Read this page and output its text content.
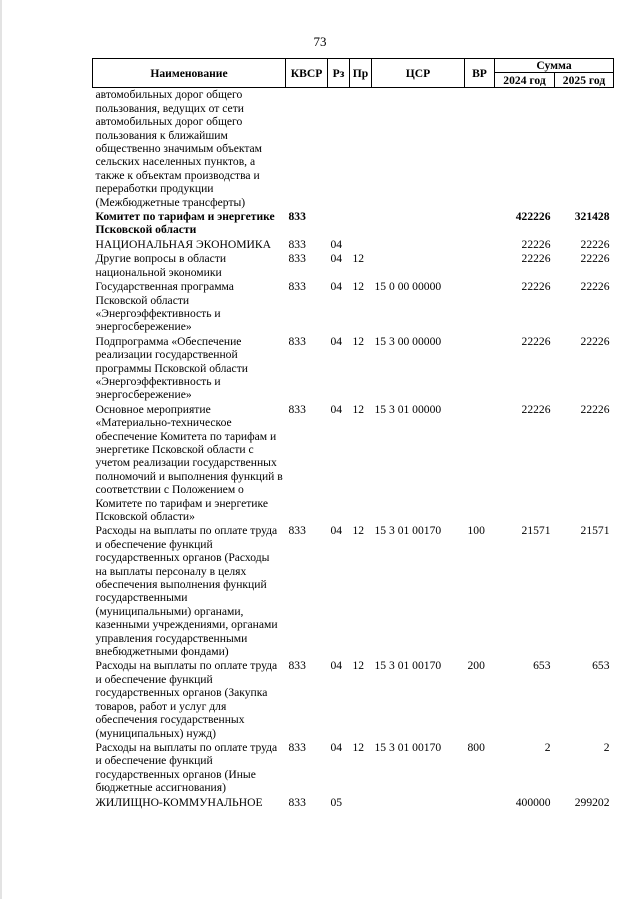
73
Наименование	КВСР	Рз	Пр	ЦСР	ВР	Сумма	
						2024 год	2025 год
автомобильных дорог общего пользования, ведущих от сети автомобильных дорог общего пользования к ближайшим общественно значимым объектам сельских населенных пунктов, а также к объектам производства и переработки продукции (Межбюджетные трансферты)							
Комитет по тарифам и энергетике Псковской области	833					422226	321428
НАЦИОНАЛЬНАЯ ЭКОНОМИКА	833	04				22226	22226
Другие вопросы в области национальной экономики	833	04	12			22226	22226
Государственная программа Псковской области «Энергоэффективность и энергосбережение»	833	04	12	15 0 00 00000		22226	22226
Подпрограмма «Обеспечение реализации государственной программы Псковской области «Энергоэффективность и энергосбережение»	833	04	12	15 3 00 00000		22226	22226
Основное мероприятие «Материально-техническое обеспечение Комитета по тарифам и энергетике Псковской области с учетом реализации государственных полномочий и выполнения функций в соответствии с Положением о Комитете по тарифам и энергетике Псковской области»	833	04	12	15 3 01 00000		22226	22226
Расходы на выплаты по оплате труда и обеспечение функций государственных органов (Расходы на выплаты персоналу в целях обеспечения выполнения функций государственными (муниципальными) органами, казенными учреждениями, органами управления государственными внебюджетными фондами)	833	04	12	15 3 01 00170	100	21571	21571
Расходы на выплаты по оплате труда и обеспечение функций государственных органов (Закупка товаров, работ и услуг для обеспечения государственных (муниципальных) нужд)	833	04	12	15 3 01 00170	200	653	653
Расходы на выплаты по оплате труда и обеспечение функций государственных органов (Иные бюджетные ассигнования)	833	04	12	15 3 01 00170	800	2	2
ЖИЛИЩНО-КОММУНАЛЬНОЕ	833	05				400000	299202
